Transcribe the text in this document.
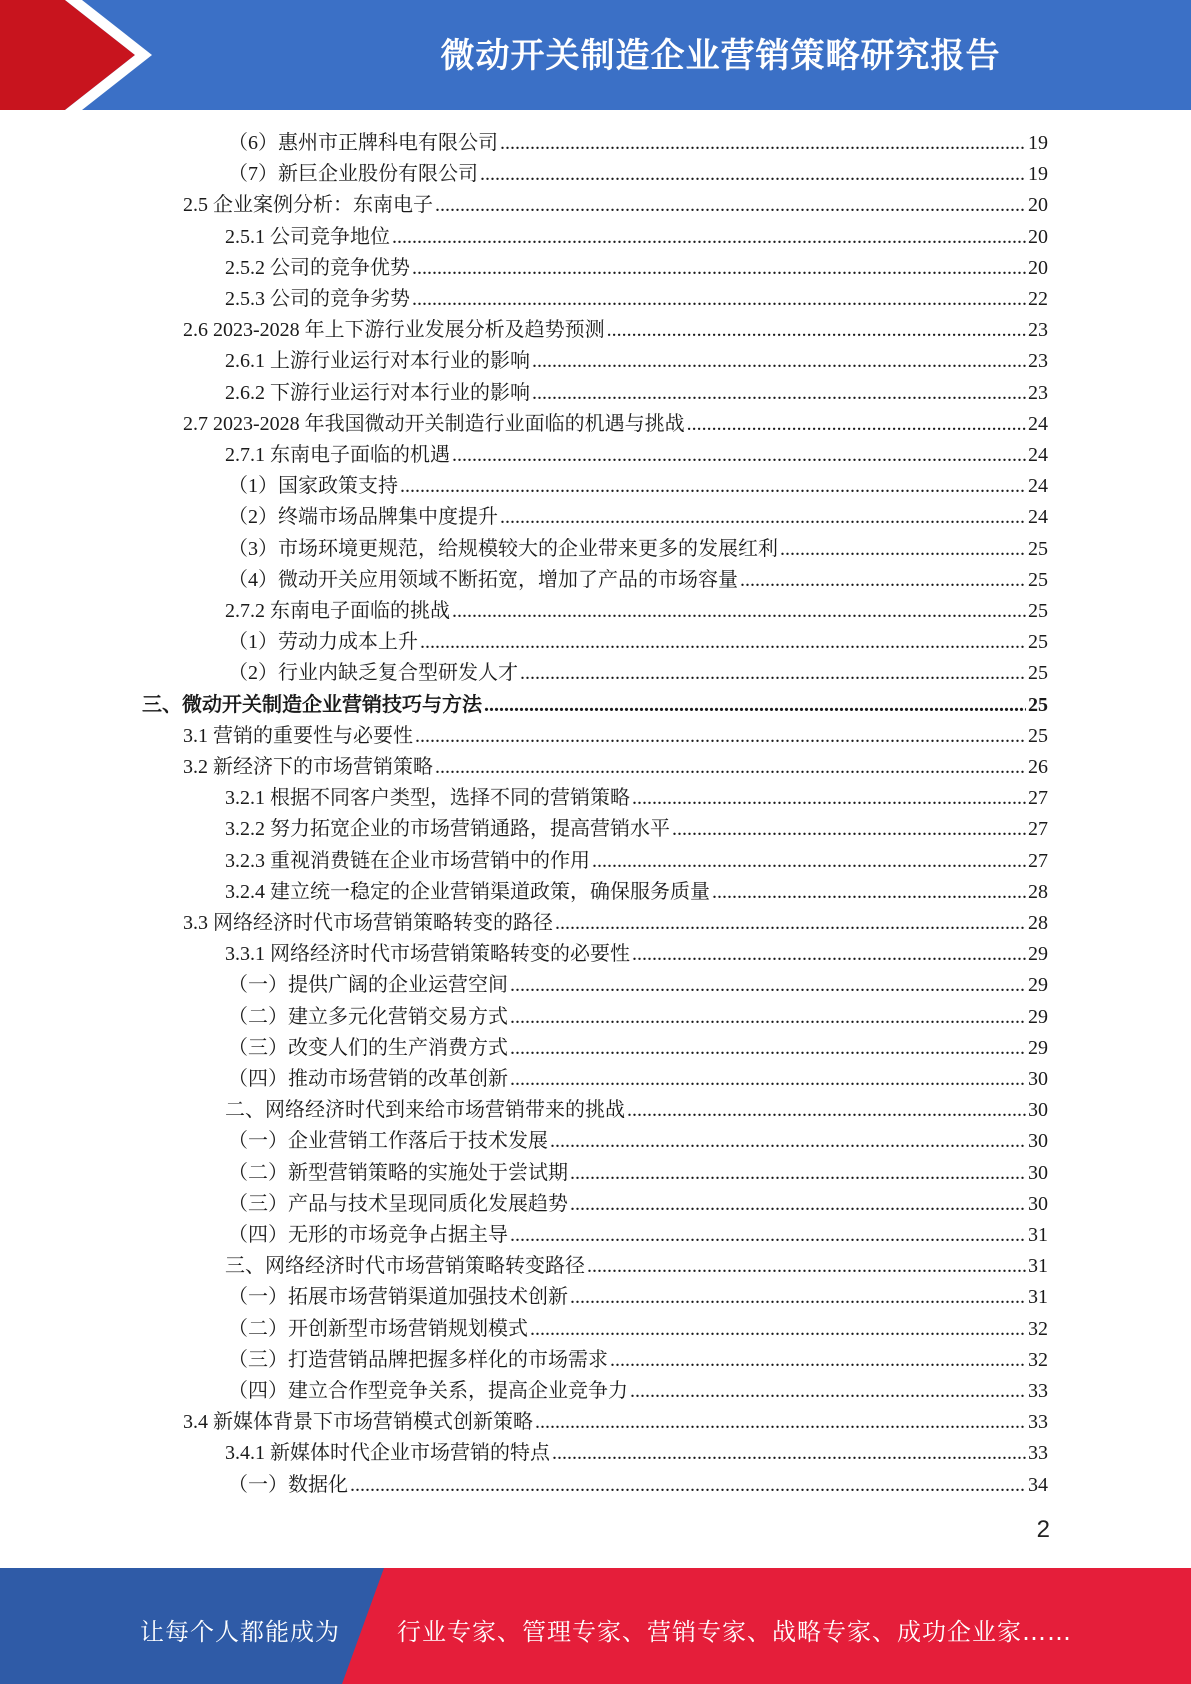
微动开关制造企业营销策略研究报告
（6）惠州市正牌科电有限公司 .....	19
（7）新巨企业股份有限公司 .....	19
2.5 企业案例分析：东南电子 .....	20
2.5.1 公司竞争地位 .....	20
2.5.2 公司的竞争优势 .....	20
2.5.3 公司的竞争劣势 .....	22
2.6 2023-2028 年上下游行业发展分析及趋势预测 .....	23
2.6.1 上游行业运行对本行业的影响 .....	23
2.6.2 下游行业运行对本行业的影响 .....	23
2.7 2023-2028 年我国微动开关制造行业面临的机遇与挑战 .....	24
2.7.1 东南电子面临的机遇 .....	24
（1）国家政策支持 .....	24
（2）终端市场品牌集中度提升 .....	24
（3）市场环境更规范，给规模较大的企业带来更多的发展红利 .....	25
（4）微动开关应用领域不断拓宽，增加了产品的市场容量 .....	25
2.7.2 东南电子面临的挑战 .....	25
（1）劳动力成本上升 .....	25
（2）行业内缺乏复合型研发人才 .....	25
三、微动开关制造企业营销技巧与方法 .....	25
3.1 营销的重要性与必要性 .....	25
3.2 新经济下的市场营销策略 .....	26
3.2.1 根据不同客户类型，选择不同的营销策略 .....	27
3.2.2 努力拓宽企业的市场营销通路，提高营销水平 .....	27
3.2.3 重视消费链在企业市场营销中的作用 .....	27
3.2.4 建立统一稳定的企业营销渠道政策，确保服务质量 .....	28
3.3 网络经济时代市场营销策略转变的路径 .....	28
3.3.1 网络经济时代市场营销策略转变的必要性 .....	29
（一）提供广阔的企业运营空间 .....	29
（二）建立多元化营销交易方式 .....	29
（三）改变人们的生产消费方式 .....	29
（四）推动市场营销的改革创新 .....	30
二、网络经济时代到来给市场营销带来的挑战 .....	30
（一）企业营销工作落后于技术发展 .....	30
（二）新型营销策略的实施处于尝试期 .....	30
（三）产品与技术呈现同质化发展趋势 .....	30
（四）无形的市场竞争占据主导 .....	31
三、网络经济时代市场营销策略转变路径 .....	31
（一）拓展市场营销渠道加强技术创新 .....	31
（二）开创新型市场营销规划模式 .....	32
（三）打造营销品牌把握多样化的市场需求 .....	32
（四）建立合作型竞争关系，提高企业竞争力 .....	33
3.4 新媒体背景下市场营销模式创新策略 .....	33
3.4.1 新媒体时代企业市场营销的特点 .....	33
（一）数据化 .....	34
2
让每个人都能成为 行业专家、管理专家、营销专家、战略专家、成功企业家……
